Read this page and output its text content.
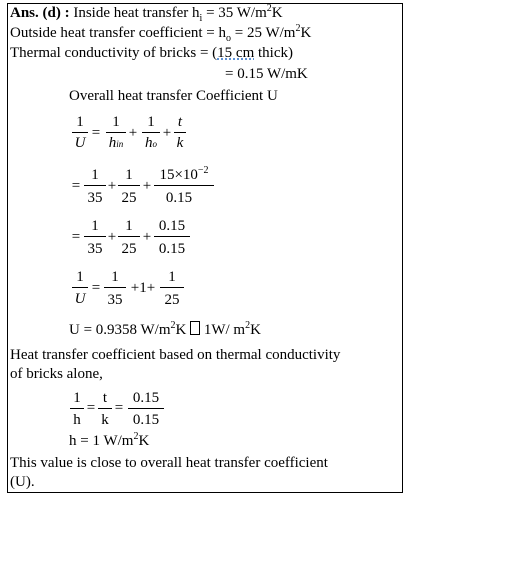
Ans. (d) : Inside heat transfer $h_i = 35$ $W/m^2K$
Outside heat transfer coefficient = $h_o = 25$ $W/m^2K$
Thermal conductivity of bricks = (15 cm thick)
= 0.15 W/mK
Overall heat transfer Coefficient U
1
U
=
1
hin
+
1
ho
+
t
k
=
1
35
+
1
25
+
$15\times 10^{-2}$
0.15
=
1
35
+
1
25
+
0.15
0.15
1
U
=
1
35
+1+
1
25
U = 0.9358 $W/m^2K$  1W/ $m^2K$
Heat transfer coefficient based on thermal conductivity
of bricks alone,
1
h
=
t
k
=
0.15
0.15
h = 1 $W/m^2K$
This value is close to overall heat transfer coefficient
(U).
